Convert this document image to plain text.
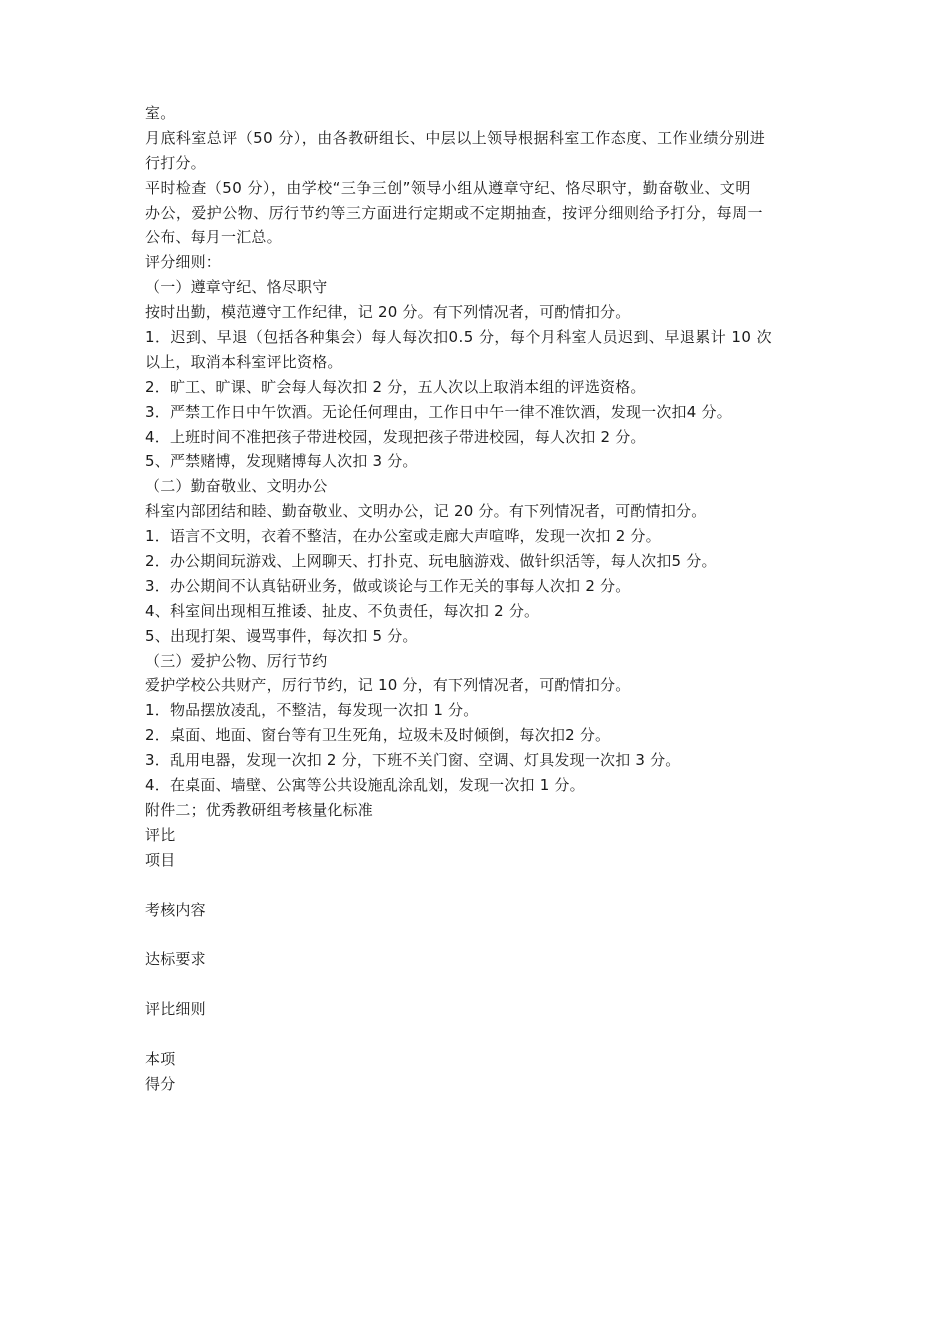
室。
月底科室总评（50 分），由各教研组长、中层以上领导根据科室工作态度、工作业绩分别进
行打分。
平时检查（50 分），由学校“三争三创”领导小组从遵章守纪、恪尽职守，勤奋敬业、文明
办公，爱护公物、厉行节约等三方面进行定期或不定期抽查，按评分细则给予打分，每周一
公布、每月一汇总。
评分细则：
（一）遵章守纪、恪尽职守
按时出勤，模范遵守工作纪律，记 20 分。有下列情况者，可酌情扣分。
1．迟到、早退（包括各种集会）每人每次扣0.5 分，每个月科室人员迟到、早退累计 10 次
以上，取消本科室评比资格。
2．旷工、旷课、旷会每人每次扣 2 分，五人次以上取消本组的评选资格。
3．严禁工作日中午饮酒。无论任何理由，工作日中午一律不准饮酒，发现一次扣4 分。
4．上班时间不准把孩子带进校园，发现把孩子带进校园，每人次扣 2 分。
5、严禁赌博，发现赌博每人次扣 3 分。
（二）勤奋敬业、文明办公
科室内部团结和睦、勤奋敬业、文明办公，记 20 分。有下列情况者，可酌情扣分。
1．语言不文明，衣着不整洁，在办公室或走廊大声喧哗，发现一次扣 2 分。
2．办公期间玩游戏、上网聊天、打扑克、玩电脑游戏、做针织活等，每人次扣5 分。
3．办公期间不认真钻研业务，做或谈论与工作无关的事每人次扣 2 分。
4、科室间出现相互推诿、扯皮、不负责任，每次扣 2 分。
5、出现打架、谩骂事件，每次扣 5 分。
（三）爱护公物、厉行节约
爱护学校公共财产，厉行节约，记 10 分，有下列情况者，可酌情扣分。
1．物品摆放凌乱，不整洁，每发现一次扣 1 分。
2．桌面、地面、窗台等有卫生死角，垃圾未及时倾倒，每次扣2 分。
3．乱用电器，发现一次扣 2 分，下班不关门窗、空调、灯具发现一次扣 3 分。
4．在桌面、墙壁、公寓等公共设施乱涂乱划，发现一次扣 1 分。
附件二；优秀教研组考核量化标准
评比
项目
考核内容
达标要求
评比细则
本项
得分
